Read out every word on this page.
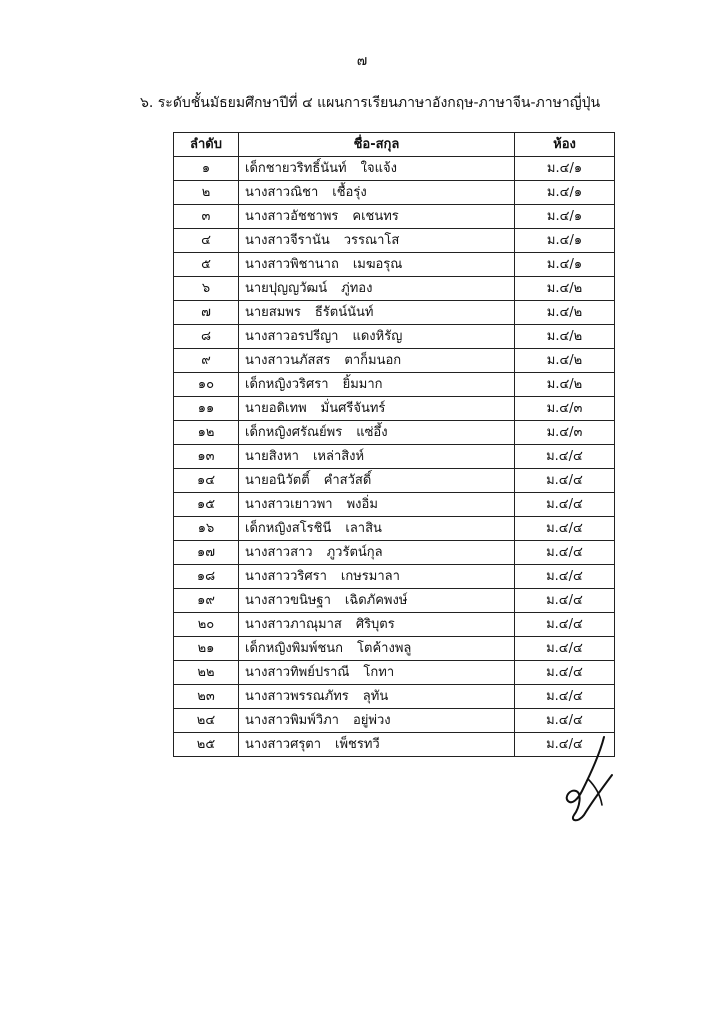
๗
๖. ระดับชั้นมัธยมศึกษาปีที่ ๔ แผนการเรียนภาษาอังกฤษ-ภาษาจีน-ภาษาญี่ปุ่น
ลำดับ	ชื่อ-สกุล	ห้อง
๑	เด็กชายวริทธิ์นันท์ ใจแจ้ง	ม.๔/๑
๒	นางสาวณิชา เชื้อรุ่ง	ม.๔/๑
๓	นางสาวอัชชาพร คเชนทร	ม.๔/๑
๔	นางสาวจีรานัน วรรณาโส	ม.๔/๑
๕	นางสาวพิชานาถ เมฆอรุณ	ม.๔/๑
๖	นายปุญญวัฒน์ ภู่ทอง	ม.๔/๒
๗	นายสมพร ธีรัตน์นันท์	ม.๔/๒
๘	นางสาวอรปรีญา แดงหิรัญ	ม.๔/๒
๙	นางสาวนภัสสร ตาก็มนอก	ม.๔/๒
๑๐	เด็กหญิงวริศรา ยิ้มมาก	ม.๔/๒
๑๑	นายอดิเทพ มั่นศรีจันทร์	ม.๔/๓
๑๒	เด็กหญิงศรัณย์พร แซ่อึ้ง	ม.๔/๓
๑๓	นายสิงหา เหล่าสิงห์	ม.๔/๔
๑๔	นายอนิวัตติ์ คำสวัสดิ์	ม.๔/๔
๑๕	นางสาวเยาวพา พงอิ่ม	ม.๔/๔
๑๖	เด็กหญิงสโรชินี เลาสิน	ม.๔/๔
๑๗	นางสาวสาว ภูวรัตน์กุล	ม.๔/๔
๑๘	นางสาววริศรา เกษรมาลา	ม.๔/๔
๑๙	นางสาวขนิษฐา เฉิดภัคพงษ์	ม.๔/๔
๒๐	นางสาวภาณุมาส ศิริบุตร	ม.๔/๔
๒๑	เด็กหญิงพิมพ์ชนก โตค้างพลู	ม.๔/๔
๒๒	นางสาวทิพย์ปราณี โกทา	ม.๔/๔
๒๓	นางสาวพรรณภัทร ลุทัน	ม.๔/๔
๒๔	นางสาวพิมพ์วิภา อยู่พ่วง	ม.๔/๔
๒๕	นางสาวศรุตา เพ็ชรทวี	ม.๔/๔
